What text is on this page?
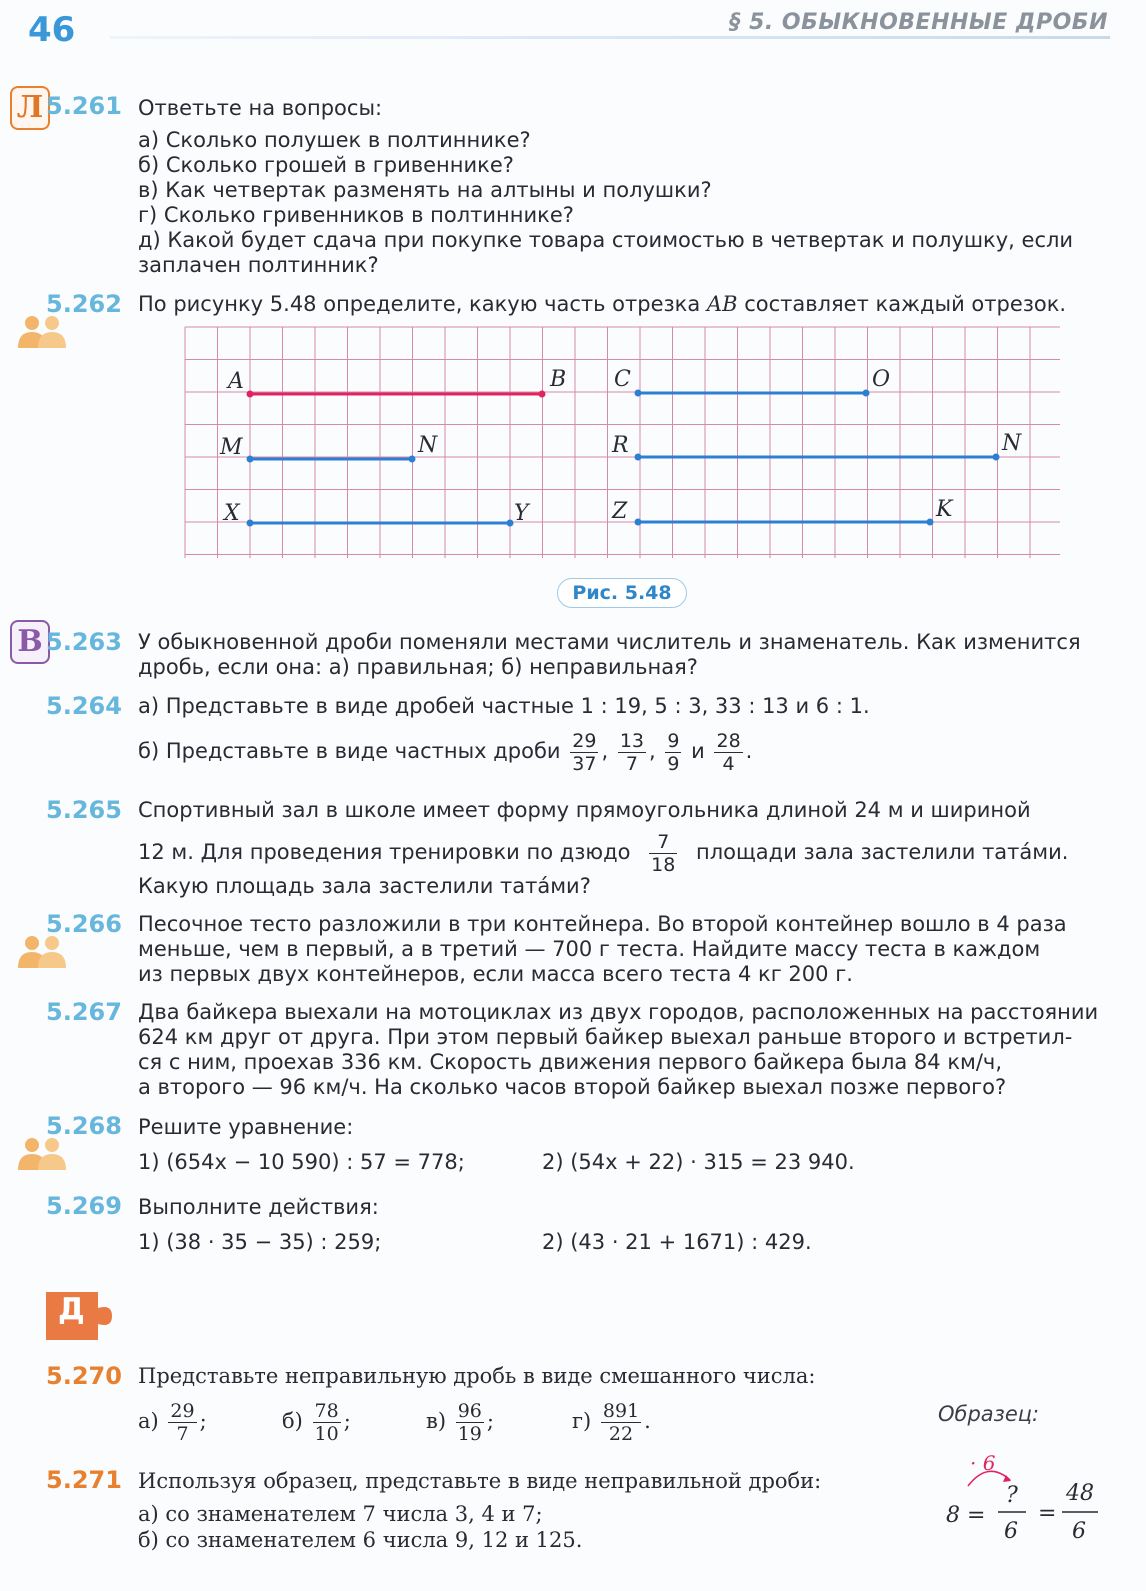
46	§ 5. ОБЫКНОВЕННЫЕ ДРОБИ
Л 5.261 Ответьте на вопросы:
а) Сколько полушек в полтиннике?
б) Сколько грошей в гривеннике?
в) Как четвертак разменять на алтыны и полушки?
г) Сколько гривенников в полтиннике?
д) Какой будет сдача при покупке товара стоимостью в четвертак и полушку, если
заплачен полтинник?
5.262 По рисунку 5.48 определите, какую часть отрезка AB составляет каждый отрезок.
A	B C	O
M	N	R	N
X	Y	Z	K
Рис. 5.48
В 5.263 У обыкновенной дроби поменяли местами числитель и знаменатель. Как изменится
дробь, если она: а) правильная; б) неправильная?
5.264 а) Представьте в виде дробей частные 1 : 19, 5 : 3, 33 : 13 и 6 : 1.
б) Представьте в виде частных дроби $\frac{29}{37}$ , $\frac{13}{7}$ , $\frac{9}{9}$ и $\frac{28}{4}$ .
5.265 Спортивный зал в школе имеет форму прямоугольника длиной 24 м и шириной
12 м. Для проведения тренировки по дзюдо $\frac{7}{18}$ площади зала застелили тата́ми.
Какую площадь зала застелили тата́ми?
5.266 Песочное тесто разложили в три контейнера. Во второй контейнер вошло в 4 раза
меньше, чем в первый, а в третий — 700 г теста. Найдите массу теста в каждом
из первых двух контейнеров, если масса всего теста 4 кг 200 г.
5.267 Два байкера выехали на мотоциклах из двух городов, расположенных на расстоянии
624 км друг от друга. При этом первый байкер выехал раньше второго и встретил-
ся с ним, проехав 336 км. Скорость движения первого байкера была 84 км/ч,
а второго — 96 км/ч. На сколько часов второй байкер выехал позже первого?
5.268 Решите уравнение:
1) (654x − 10 590) : 57 = 778;	2) (54x + 22) · 315 = 23 940.
5.269 Выполните действия:
1) (38 · 35 − 35) : 259;	2) (43 · 21 + 1671) : 429.
Д
5.270 Представьте неправильную дробь в виде смешанного числа:
$а) \frac{29}{7}$ ;	$б) \frac{78}{10}$ ;	$в) \frac{96}{19}$ ;	$г) \frac{891}{22}$ .	Образец:
· 6
8 =
?
6
=
48
6
5.271 Используя образец, представьте в виде неправильной дроби:
а) со знаменателем 7 числа 3, 4 и 7;
б) со знаменателем 6 числа 9, 12 и 125.
